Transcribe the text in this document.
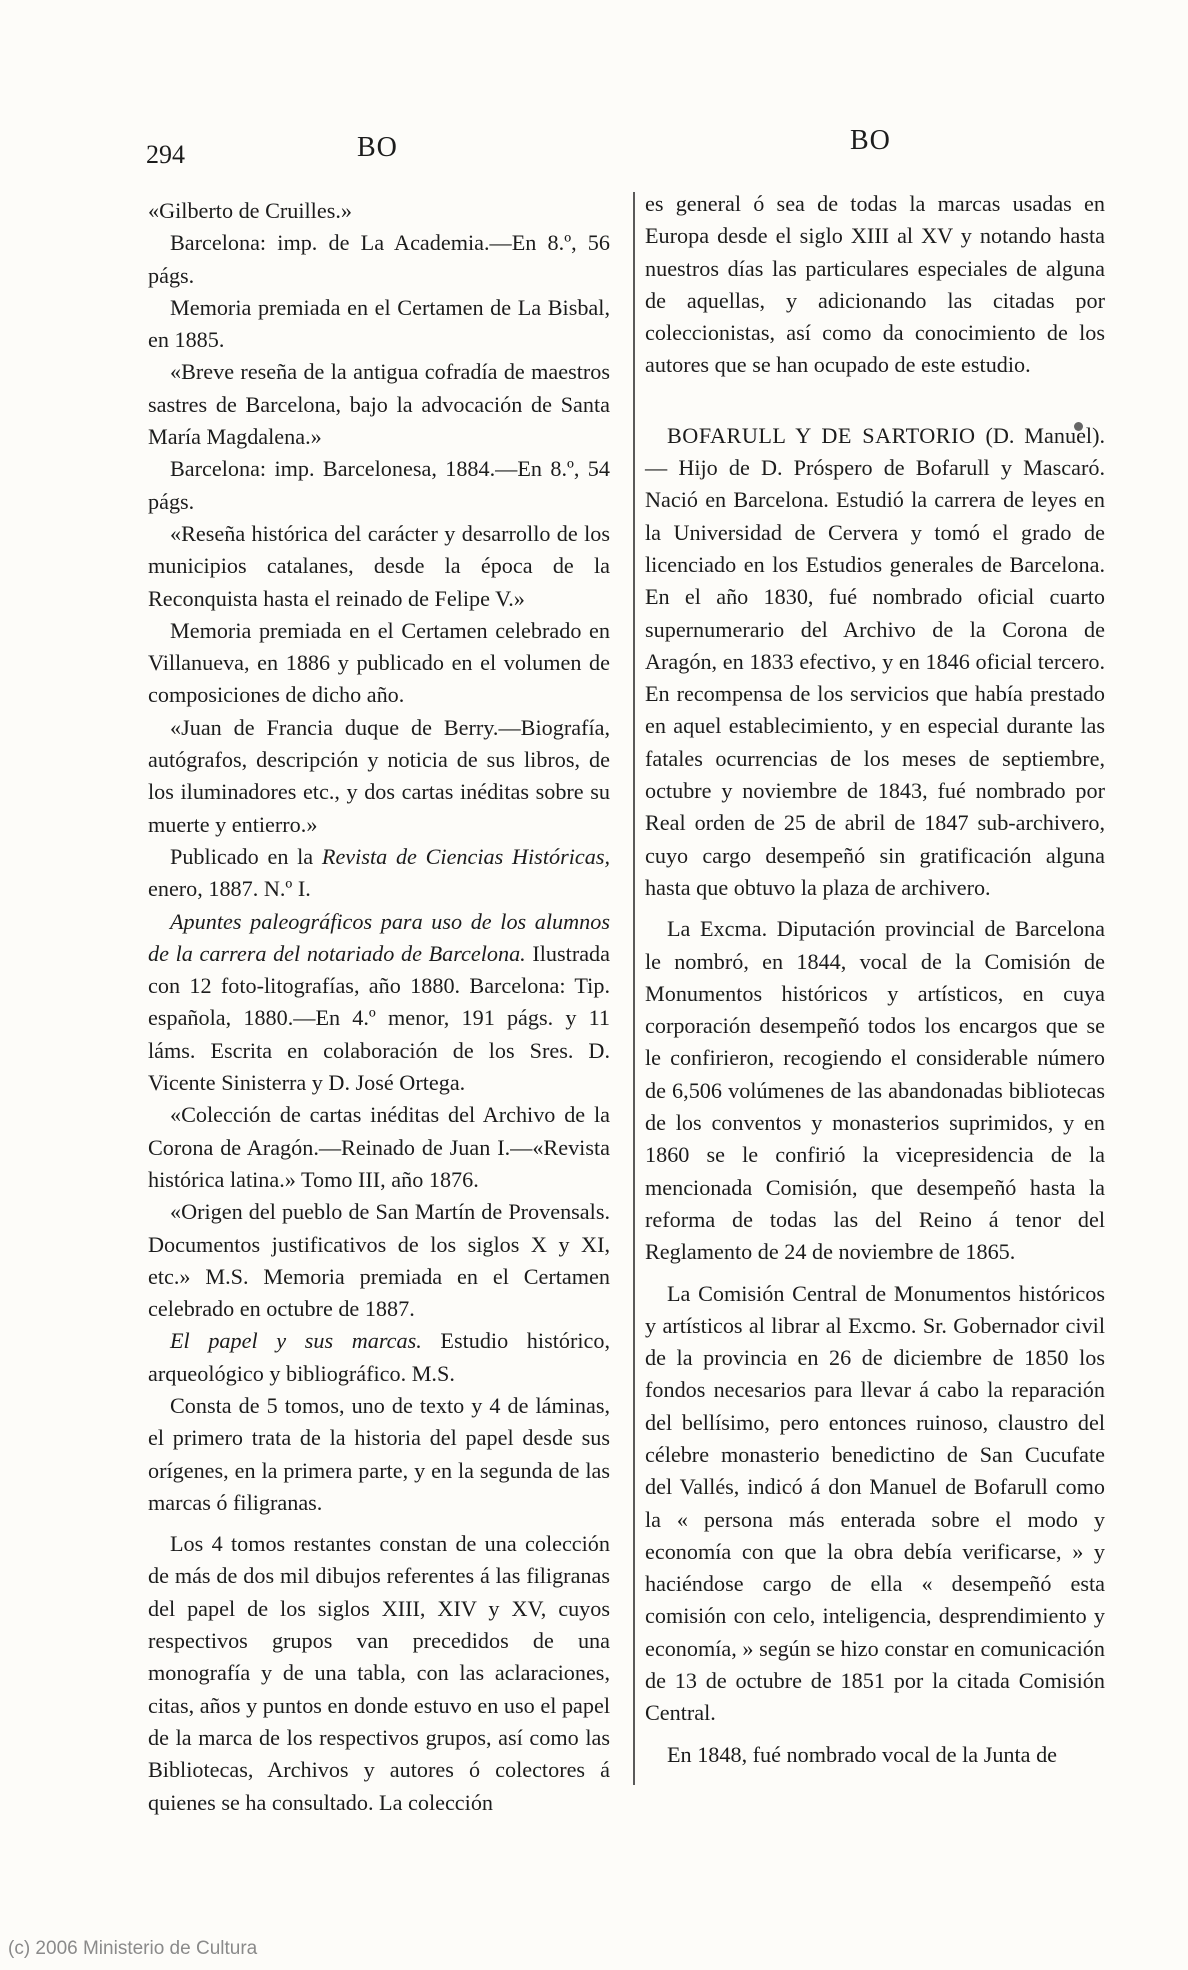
294	BO	BO

«Gilberto de Cruilles.»

Barcelona: imp. de La Academia.—En 8.º, 56 págs.

Memoria premiada en el Certamen de La Bisbal, en 1885.

«Breve reseña de la antigua cofradía de maestros sastres de Barcelona, bajo la advocación de Santa María Magdalena.»

Barcelona: imp. Barcelonesa, 1884.—En 8.º, 54 págs.

«Reseña histórica del carácter y desarrollo de los municipios catalanes, desde la época de la Reconquista hasta el reinado de Felipe V.»

Memoria premiada en el Certamen celebrado en Villanueva, en 1886 y publicado en el volumen de composiciones de dicho año.

«Juan de Francia duque de Berry.—Biografía, autógrafos, descripción y noticia de sus libros, de los iluminadores etc., y dos cartas inéditas sobre su muerte y entierro.»

Publicado en la Revista de Ciencias Históricas, enero, 1887. N.º I.

Apuntes paleográficos para uso de los alumnos de la carrera del notariado de Barcelona. Ilustrada con 12 foto-litografías, año 1880. Barcelona: Tip. española, 1880.—En 4.º menor, 191 págs. y 11 láms. Escrita en colaboración de los Sres. D. Vicente Sinisterra y D. José Ortega.

«Colección de cartas inéditas del Archivo de la Corona de Aragón.—Reinado de Juan I.—«Revista histórica latina.» Tomo III, año 1876.

«Origen del pueblo de San Martín de Provensals. Documentos justificativos de los siglos X y XI, etc.» M.S. Memoria premiada en el Certamen celebrado en octubre de 1887.

El papel y sus marcas. Estudio histórico, arqueológico y bibliográfico. M.S.

Consta de 5 tomos, uno de texto y 4 de láminas, el primero trata de la historia del papel desde sus orígenes, en la primera parte, y en la segunda de las marcas ó filigranas.

Los 4 tomos restantes constan de una colección de más de dos mil dibujos referentes á las filigranas del papel de los siglos XIII, XIV y XV, cuyos respectivos grupos van precedidos de una monografía y de una tabla, con las aclaraciones, citas, años y puntos en donde estuvo en uso el papel de la marca de los respectivos grupos, así como las Bibliotecas, Archivos y autores ó colectores á quienes se ha consultado. La colección

es general ó sea de todas la marcas usadas en Europa desde el siglo XIII al XV y notando hasta nuestros días las particulares especiales de alguna de aquellas, y adicionando las citadas por coleccionistas, así como da conocimiento de los autores que se han ocupado de este estudio.

BOFARULL Y DE SARTORIO (D. Manuel). — Hijo de D. Próspero de Bofarull y Mascaró. Nació en Barcelona. Estudió la carrera de leyes en la Universidad de Cervera y tomó el grado de licenciado en los Estudios generales de Barcelona. En el año 1830, fué nombrado oficial cuarto supernumerario del Archivo de la Corona de Aragón, en 1833 efectivo, y en 1846 oficial tercero. En recompensa de los servicios que había prestado en aquel establecimiento, y en especial durante las fatales ocurrencias de los meses de septiembre, octubre y noviembre de 1843, fué nombrado por Real orden de 25 de abril de 1847 sub-archivero, cuyo cargo desempeñó sin gratificación alguna hasta que obtuvo la plaza de archivero.

La Excma. Diputación provincial de Barcelona le nombró, en 1844, vocal de la Comisión de Monumentos históricos y artísticos, en cuya corporación desempeñó todos los encargos que se le confirieron, recogiendo el considerable número de 6,506 volúmenes de las abandonadas bibliotecas de los conventos y monasterios suprimidos, y en 1860 se le confirió la vicepresidencia de la mencionada Comisión, que desempeñó hasta la reforma de todas las del Reino á tenor del Reglamento de 24 de noviembre de 1865.

La Comisión Central de Monumentos históricos y artísticos al librar al Excmo. Sr. Gobernador civil de la provincia en 26 de diciembre de 1850 los fondos necesarios para llevar á cabo la reparación del bellísimo, pero entonces ruinoso, claustro del célebre monasterio benedictino de San Cucufate del Vallés, indicó á don Manuel de Bofarull como la « persona más enterada sobre el modo y economía con que la obra debía verificarse, » y haciéndose cargo de ella « desempeñó esta comisión con celo, inteligencia, desprendimiento y economía, » según se hizo constar en comunicación de 13 de octubre de 1851 por la citada Comisión Central.

En 1848, fué nombrado vocal de la Junta de

(c) 2006 Ministerio de Cultura
